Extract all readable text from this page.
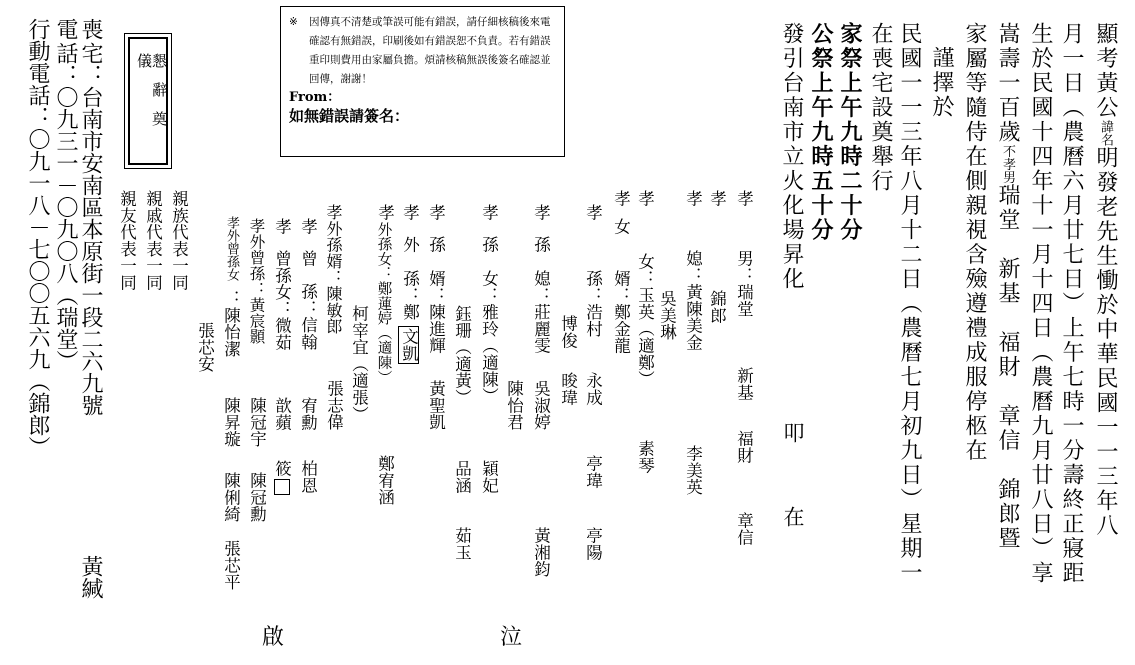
顯考黃公諱名明發老先生慟於中華民國一一三年八
月一日（農曆六月廿七日）上午七時一分壽終正寢距
生於民國十四年十一月十四日（農曆九月廿八日）享
嵩壽一百歲不孝男瑞堂　新基　福財　章信　錦郎暨
家屬等隨侍在側親視含殮遵禮成服停柩在
謹擇於
民國一一三年八月十二日（農曆七月初九日）星期一
在喪宅設奠舉行
家祭上午九時二十分
公祭上午九時五十分
發引台南市立火化場昇化
叩　　　在
孝
男：瑞堂
新基
福財
章信
孝
錦郎
孝
媳：黃陳美金
李美英
吳美琳
孝
女：玉英（適鄭）
素琴
孝
女
婿：鄭金龍
孝
孫：浩村
永成
亭瑋
亭陽
博俊
晙瑋
孝
孫
媳：莊麗雯
吳淑婷
黃湘鈞
陳怡君
孝
孫
女：雅玲（適陳）
穎妃
鈺珊（適黃）
品涵
茹玉
孝
孫
婿：陳進輝
黃聖凱
孝
外
孫：鄭
文凱
孝
外孫女：鄭蓮婷（適陳）
鄭宥涵
柯宰宜（適張）
孝外孫婿：陳敏郎
張志偉
孝
曾
孫：信翰
宥勳
柏恩
孝
曾孫女：微茹
歆蘋
筱
孝外曾孫：黃宸顥
陳冠宇
陳冠勳
孝外曾孫女
：陳怡潔
陳昇璇
陳俐綺
張芯平
張芯安
親族代表一同
親戚代表一同
親友代表一同
泣
啟
喪
宅：台南市安南區本原街一段二六九號
黃緘
電
話：〇九三一－〇九〇八（瑞堂）
行動電話：〇九一八－七〇〇五六九（錦郎）	懇辭奠儀
※ 因傳真不清楚或筆誤可能有錯誤，請仔細核稿後來電確認有無錯誤，印刷後如有錯誤恕不負責。若有錯誤重印則費用由家屬負擔。煩請核稿無誤後簽名確認並回傳，謝謝！
From：
如無錯誤請簽名：
